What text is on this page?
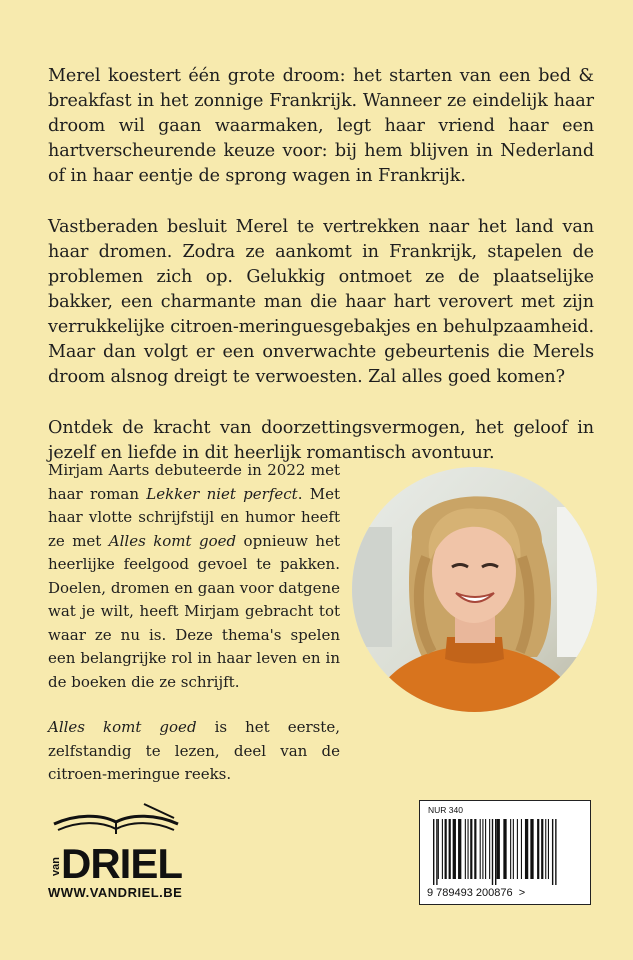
Merel koestert één grote droom: het starten van een bed & breakfast in het zonnige Frankrijk. Wanneer ze eindelijk haar droom wil gaan waarmaken, legt haar vriend haar een hartverscheurende keuze voor: bij hem blijven in Nederland of in haar eentje de sprong wagen in Frankrijk.

Vastberaden besluit Merel te vertrekken naar het land van haar dromen. Zodra ze aankomt in Frankrijk, stapelen de problemen zich op. Gelukkig ontmoet ze de plaatselijke bakker, een charmante man die haar hart verovert met zijn verrukkelijke citroen-meringuesgebakjes en behulpzaamheid. Maar dan volgt er een onverwachte gebeurtenis die Merels droom alsnog dreigt te verwoesten. Zal alles goed komen?

Ontdek de kracht van doorzettingsvermogen, het geloof in jezelf en liefde in dit heerlijk romantisch avontuur.

Mirjam Aarts debuteerde in 2022 met haar roman Lekker niet perfect. Met haar vlotte schrijfstijl en humor heeft ze met Alles komt goed opnieuw het heerlijke feelgood gevoel te pakken. Doelen, dromen en gaan voor datgene wat je wilt, heeft Mirjam gebracht tot waar ze nu is. Deze thema's spelen een belangrijke rol in haar leven en in de boeken die ze schrijft.

Alles komt goed is het eerste, zelfstandig te lezen, deel van de citroen-meringue reeks.

van DRIEL
WWW.VANDRIEL.BE
NUR 340
9 789493 200876  >
